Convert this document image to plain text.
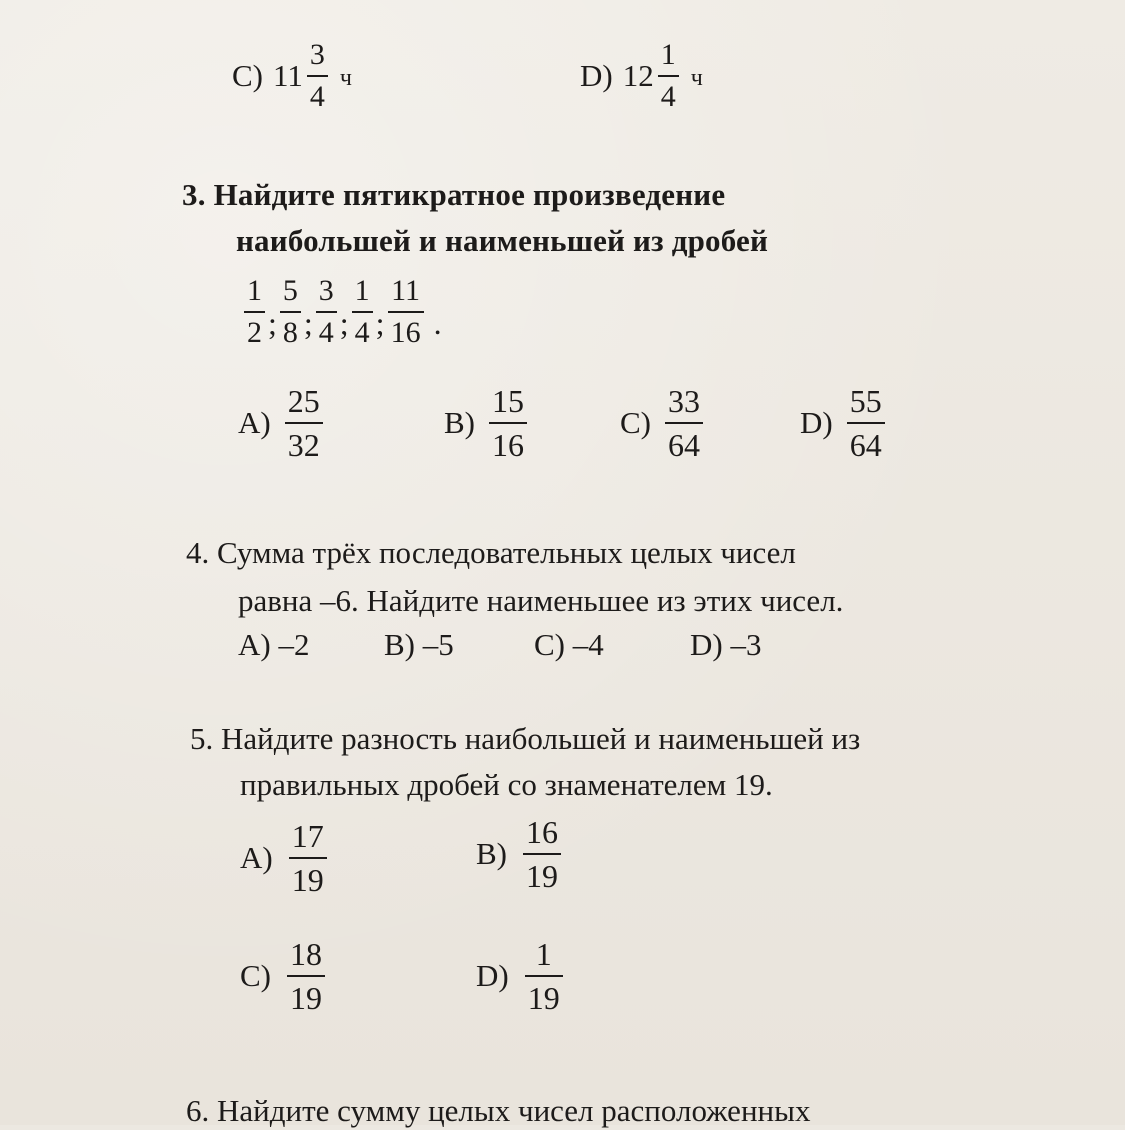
C) $11 \frac{3}{4}$ ч	D) $12 \frac{1}{4}$ ч
3. Найдите пятикратное произведение
наибольшей и наименьшей из дробей
$\frac{1}{2}$ ; $\frac{5}{8}$ ; $\frac{3}{4}$ ; $\frac{1}{4}$ ; $\frac{11}{16}$ .
$A) \frac{25}{32}$	$B) \frac{15}{16}$	$C) \frac{33}{64}$	$D) \frac{55}{64}$
4. Сумма трёх последовательных целых чисел
равна –6. Найдите наименьшее из этих чисел.
A) –2 B) –5	C) –4	D) –3
5. Найдите разность наибольшей и наименьшей из
правильных дробей со знаменателем 19.
$A) \frac{17}{19}$	$B) \frac{16}{19}$
$C) \frac{18}{19}$	$D) \frac{1}{19}$
6. Найдите сумму целых чисел расположенных
